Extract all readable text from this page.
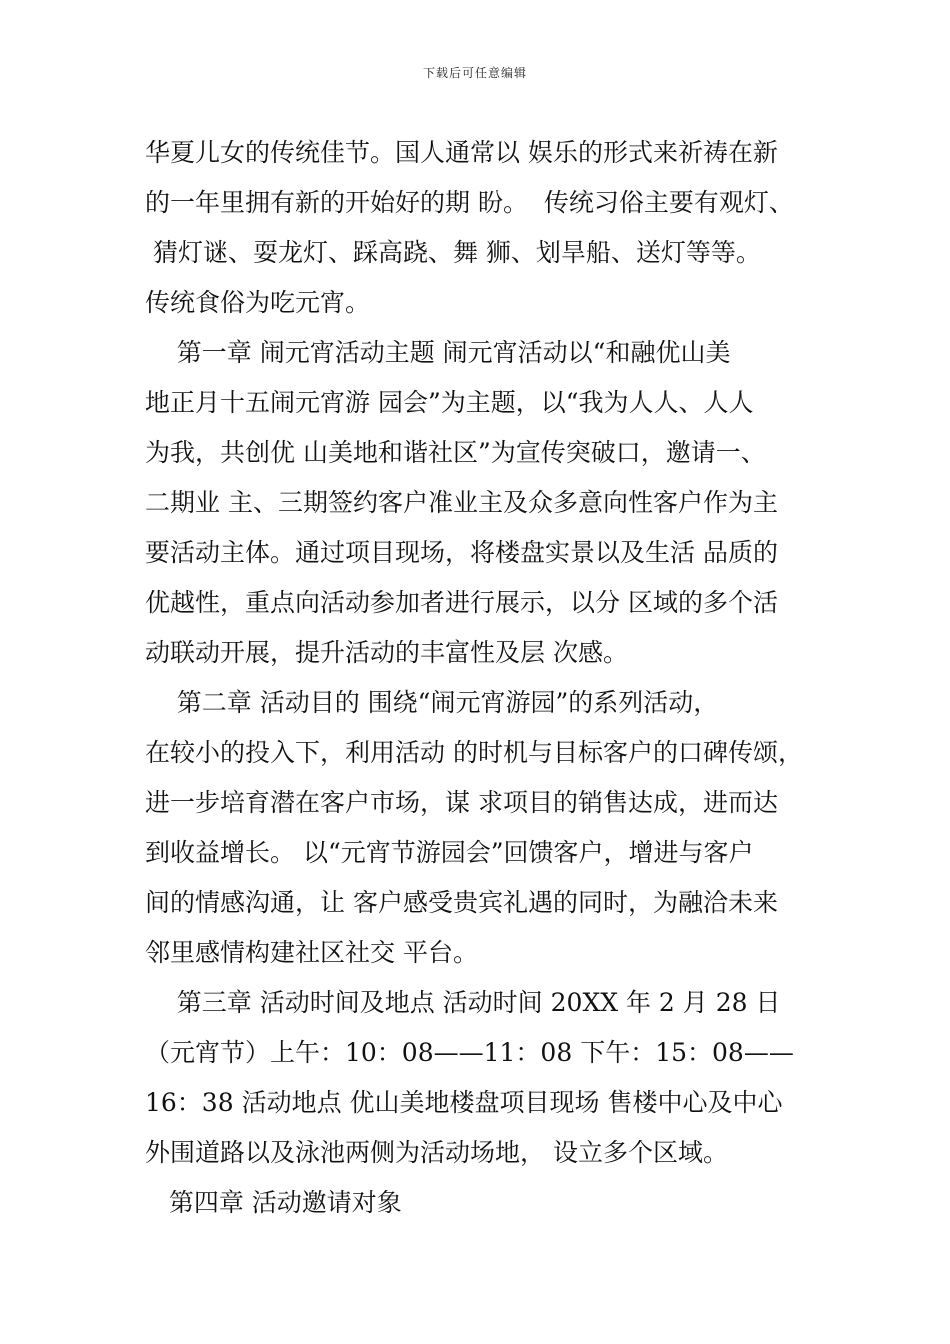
下载后可任意编辑
华夏儿女的传统佳节。国人通常以 娱乐的形式来祈祷在新
的一年里拥有新的开始好的期 盼。  传统习俗主要有观灯、
猜灯谜、耍龙灯、踩高跷、舞 狮、划旱船、送灯等等。
传统食俗为吃元宵。
第一章 闹元宵活动主题 闹元宵活动以“和融优山美
地正月十五闹元宵游 园会”为主题，以“我为人人、人人
为我，共创优 山美地和谐社区”为宣传突破口，邀请一、
二期业 主、三期签约客户准业主及众多意向性客户作为主
要活动主体。通过项目现场，将楼盘实景以及生活 品质的
优越性，重点向活动参加者进行展示，以分 区域的多个活
动联动开展，提升活动的丰富性及层 次感。
第二章 活动目的 围绕“闹元宵游园”的系列活动，
在较小的投入下，利用活动 的时机与目标客户的口碑传颂，
进一步培育潜在客户市场，谋 求项目的销售达成，进而达
到收益增长。 以“元宵节游园会”回馈客户，增进与客户
间的情感沟通，让 客户感受贵宾礼遇的同时，为融洽未来
邻里感情构建社区社交 平台。
第三章 活动时间及地点 活动时间 20XX 年 2 月 28 日
（元宵节）上午：10：08——11：08 下午：15：08——
16：38 活动地点 优山美地楼盘项目现场 售楼中心及中心
外围道路以及泳池两侧为活动场地， 设立多个区域。
第四章 活动邀请对象
